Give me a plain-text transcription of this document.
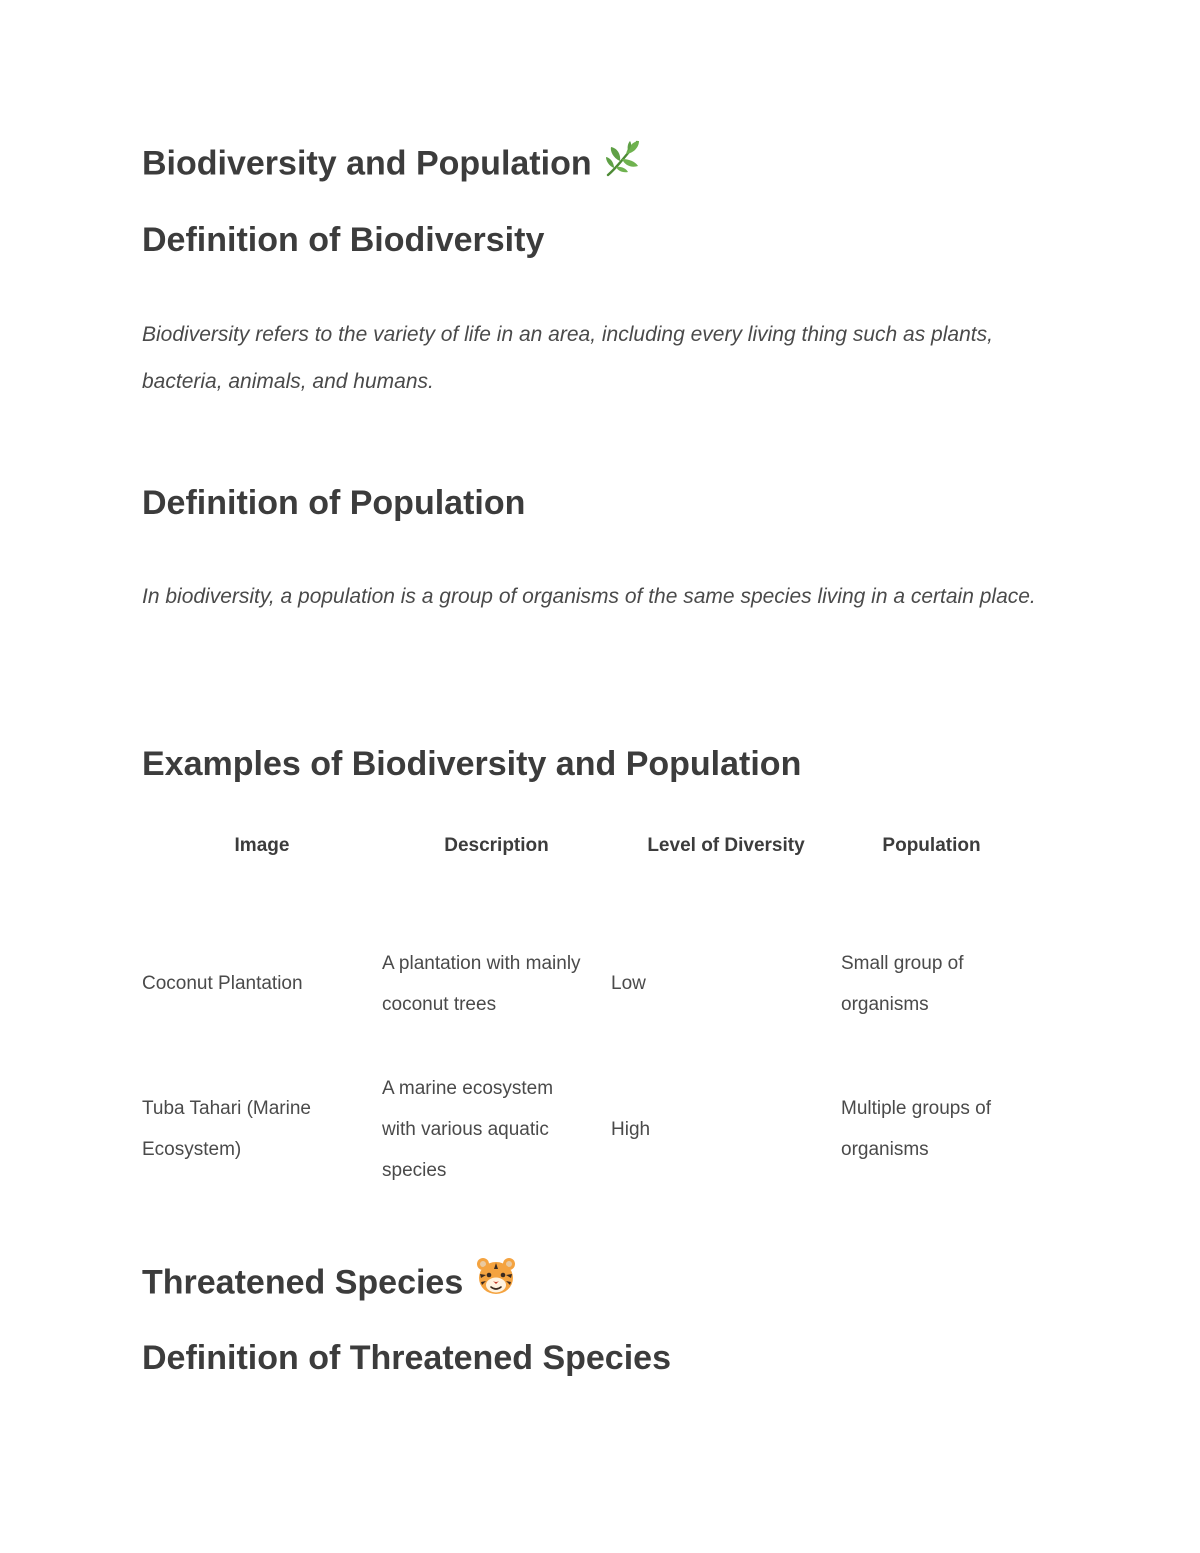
Biodiversity and Population
Definition of Biodiversity
Biodiversity refers to the variety of life in an area, including every living thing such as plants, bacteria, animals, and humans.
Definition of Population
In biodiversity, a population is a group of organisms of the same species living in a certain place.
Examples of Biodiversity and Population
Image	Description	Level of Diversity	Population

Coconut Plantation	A plantation with mainly coconut trees	Low	Small group of organisms
Tuba Tahari (Marine Ecosystem)	A marine ecosystem with various aquatic species	High	Multiple groups of organisms
Threatened Species
Definition of Threatened Species
